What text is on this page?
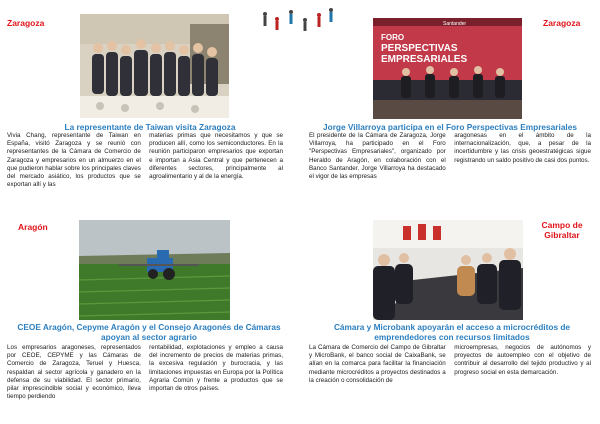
Zaragoza
La representante de Taiwan visita Zaragoza
Vivia Chang, representante de Taiwan en España, visitó Zaragoza y se reunió con representantes de la Cámara de Comercio de Zaragoza y empresarios en un almuerzo en el que pudieron hablar sobre los principales claves del mercado asiático, los productos que se exportan allí y las
materias primas que necesitamos y que se producen allí, como los semiconductores. En la reunión participaron empresarios que exportan e importan a Asia Central y que pertenecen a diferentes sectores, principalmente al agroalimentario y al de la energía.
Zaragoza
FORO
PERSPECTIVAS
EMPRESARIALES
Santander
Jorge Villarroya participa en el Foro Perspectivas Empresariales
El presidente de la Cámara de Zaragoza, Jorge Villarroya, ha participado en el Foro "Perspectivas Empresariales", organizado por Heraldo de Aragón, en colaboración con el Banco Santander. Jorge Villarroya ha destacado el vigor de las empresas
aragonesas en el ámbito de la internacionalización, que, a pesar de la incertidumbre y las crisis geoestratégicas sigue registrando un saldo positivo de casi dos puntos.
Aragón
CEOE Aragón, Cepyme Aragón y el Consejo Aragonés de Cámaras apoyan al sector agrario
Los empresarios aragoneses, representados por CEOE, CEPYME y las Cámaras de Comercio de Zaragoza, Teruel y Huesca, respaldan al sector agrícola y ganadero en la defensa de su viabilidad. El sector primario, pilar imprescindible social y económico, lleva tiempo perdiendo
rentabilidad, explotaciones y empleo a causa del incremento de precios de materias primas, la excesiva regulación y burocracia, y las limitaciones impuestas en Europa por la Política Agraria Común y frente a productos que se importan de otros países.
Campo de Gibraltar
Cámara y Microbank apoyarán el acceso a microcréditos de emprendedores con recursos limitados
La Cámara de Comercio del Campo de Gibraltar y MicroBank, el banco social de CaixaBank, se alían en la comarca para facilitar la financiación mediante microcréditos a proyectos destinados a la creación o consolidación de
microempresas, negocios de autónomos y proyectos de autoempleo con el objetivo de contribuir al desarrollo del tejido productivo y al progreso social en esta demarcación.
